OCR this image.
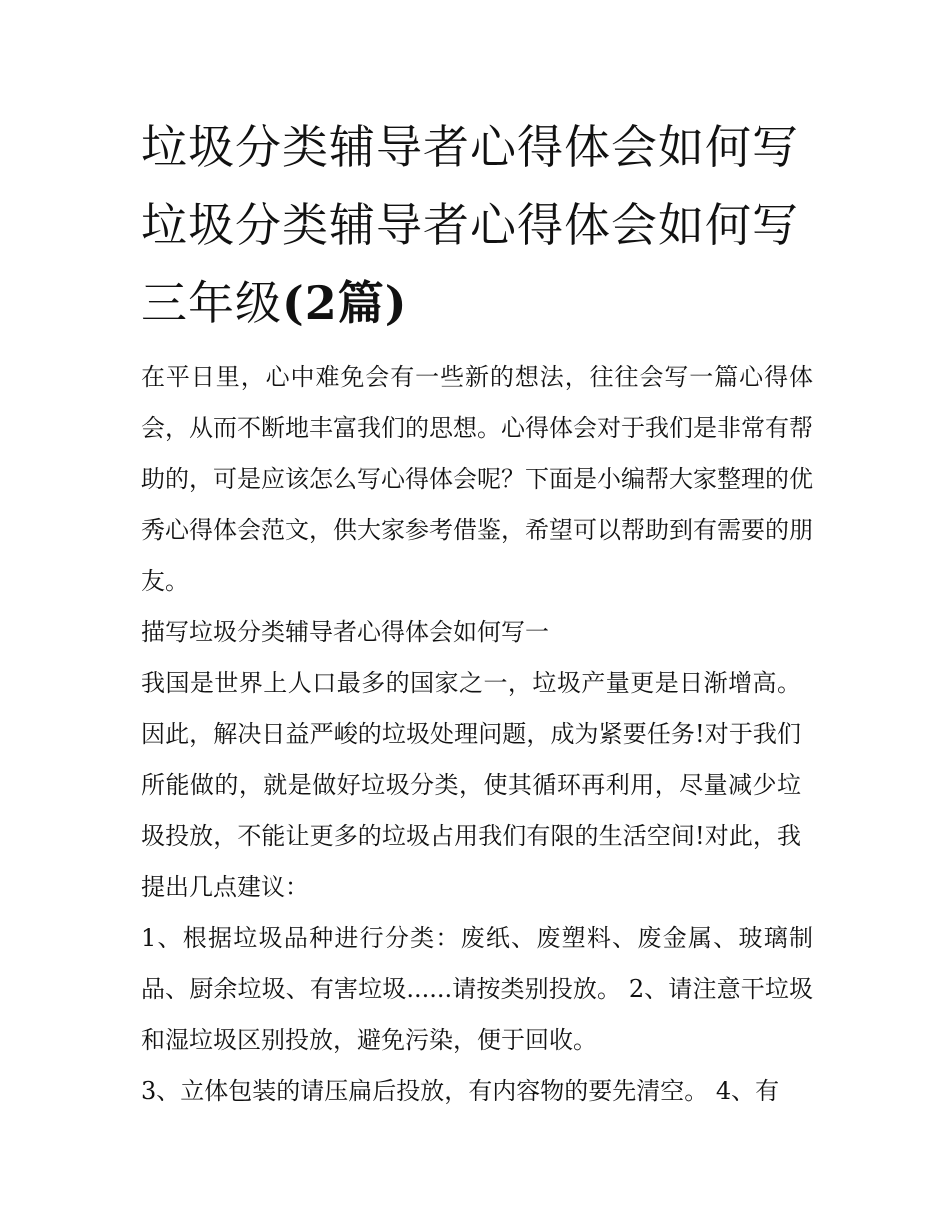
垃圾分类辅导者心得体会如何写 垃圾分类辅导者心得体会如何写三年级(2篇)

在平日里，心中难免会有一些新的想法，往往会写一篇心得体会，从而不断地丰富我们的思想。心得体会对于我们是非常有帮助的，可是应该怎么写心得体会呢？下面是小编帮大家整理的优秀心得体会范文，供大家参考借鉴，希望可以帮助到有需要的朋友。

描写垃圾分类辅导者心得体会如何写一

我国是世界上人口最多的国家之一，垃圾产量更是日渐增高。因此，解决日益严峻的垃圾处理问题，成为紧要任务!对于我们所能做的，就是做好垃圾分类，使其循环再利用，尽量减少垃圾投放，不能让更多的垃圾占用我们有限的生活空间!对此，我提出几点建议：

1、根据垃圾品种进行分类：废纸、废塑料、废金属、玻璃制品、厨余垃圾、有害垃圾......请按类别投放。 2、请注意干垃圾和湿垃圾区别投放，避免污染，便于回收。

3、立体包装的请压扁后投放，有内容物的要先清空。 4、有
